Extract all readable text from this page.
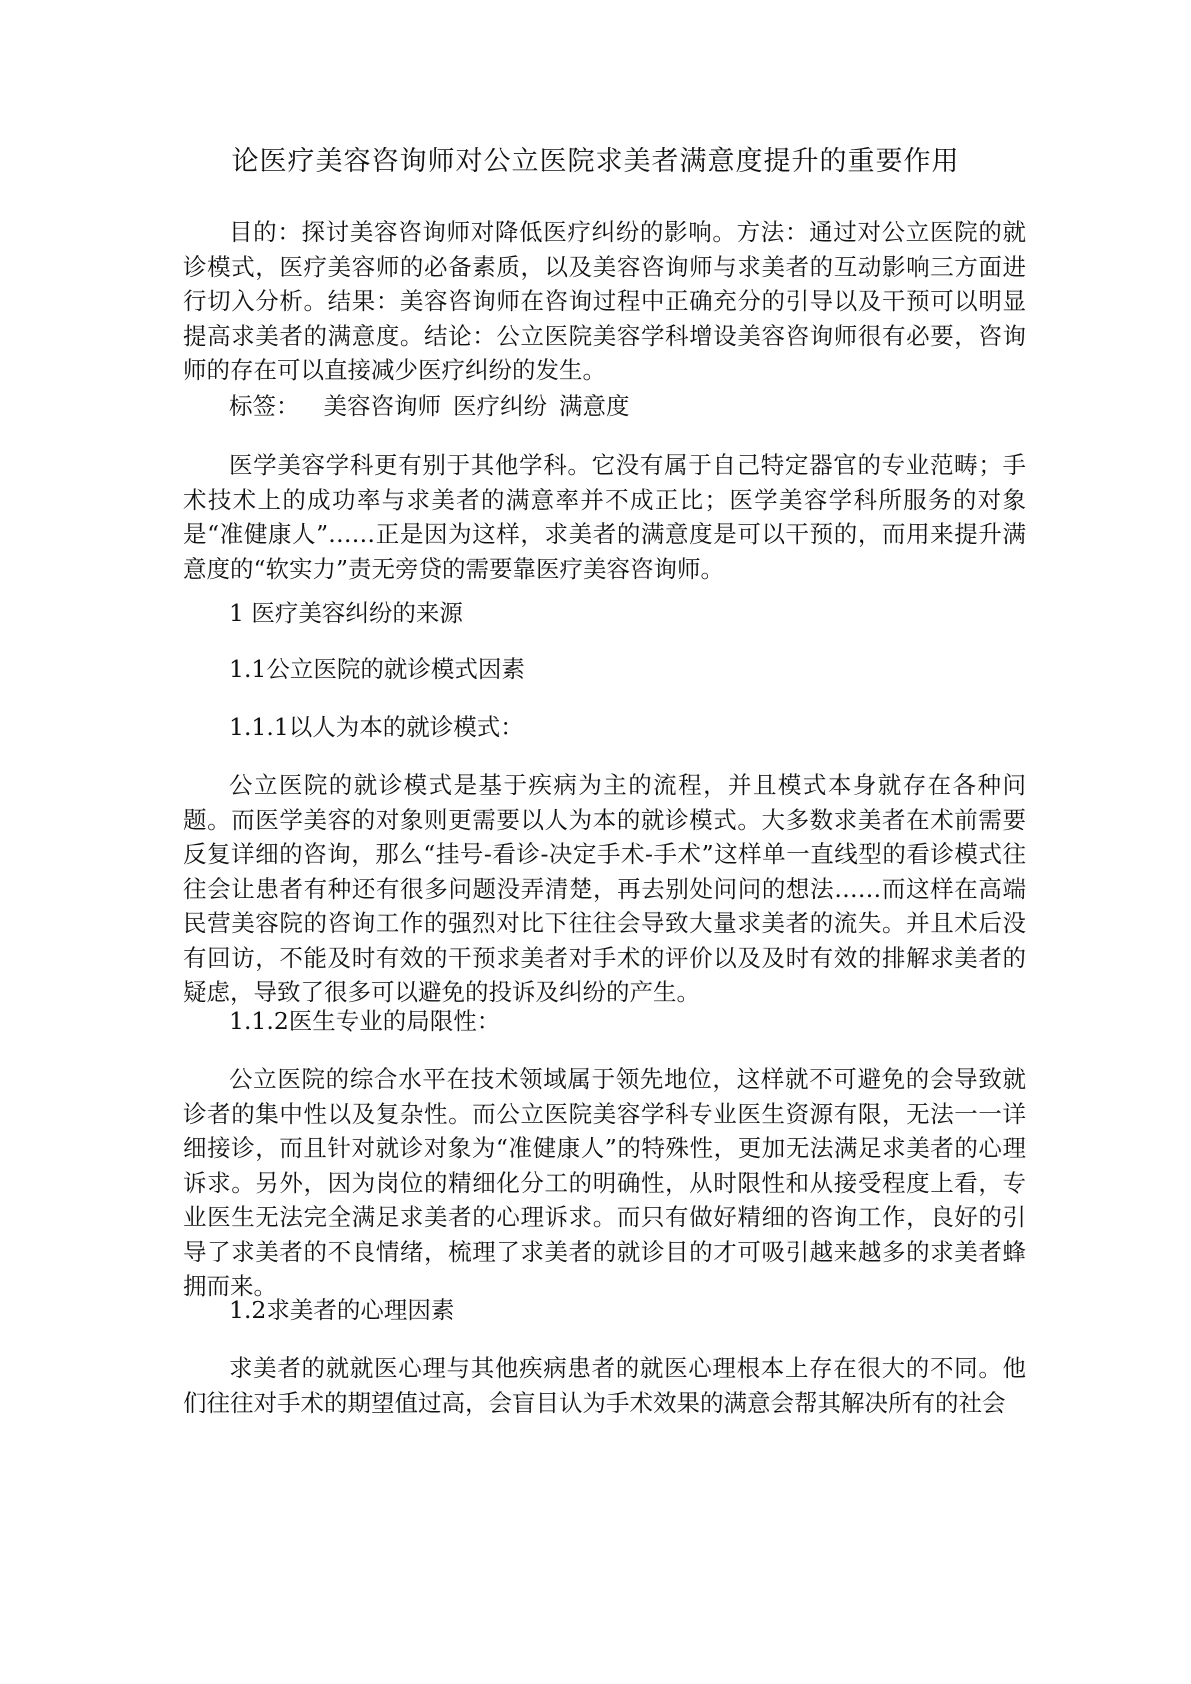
论医疗美容咨询师对公立医院求美者满意度提升的重要作用
目的：探讨美容咨询师对降低医疗纠纷的影响。方法：通过对公立医院的就诊模式，医疗美容师的必备素质，以及美容咨询师与求美者的互动影响三方面进行切入分析。结果：美容咨询师在咨询过程中正确充分的引导以及干预可以明显提高求美者的满意度。结论：公立医院美容学科增设美容咨询师很有必要，咨询师的存在可以直接减少医疗纠纷的发生。
标签： 美容咨询师 医疗纠纷 满意度
医学美容学科更有别于其他学科。它没有属于自己特定器官的专业范畴；手术技术上的成功率与求美者的满意率并不成正比；医学美容学科所服务的对象是“准健康人”……正是因为这样，求美者的满意度是可以干预的，而用来提升满意度的“软实力”责无旁贷的需要靠医疗美容咨询师。
1 医疗美容纠纷的来源
1.1公立医院的就诊模式因素
1.1.1以人为本的就诊模式：
公立医院的就诊模式是基于疾病为主的流程，并且模式本身就存在各种问题。而医学美容的对象则更需要以人为本的就诊模式。大多数求美者在术前需要反复详细的咨询，那么“挂号-看诊-决定手术-手术”这样单一直线型的看诊模式往往会让患者有种还有很多问题没弄清楚，再去别处问问的想法……而这样在高端民营美容院的咨询工作的强烈对比下往往会导致大量求美者的流失。并且术后没有回访，不能及时有效的干预求美者对手术的评价以及及时有效的排解求美者的疑虑，导致了很多可以避免的投诉及纠纷的产生。
1.1.2医生专业的局限性：
公立医院的综合水平在技术领域属于领先地位，这样就不可避免的会导致就诊者的集中性以及复杂性。而公立医院美容学科专业医生资源有限，无法一一详细接诊，而且针对就诊对象为“准健康人”的特殊性，更加无法满足求美者的心理诉求。另外，因为岗位的精细化分工的明确性，从时限性和从接受程度上看，专业医生无法完全满足求美者的心理诉求。而只有做好精细的咨询工作，良好的引导了求美者的不良情绪，梳理了求美者的就诊目的才可吸引越来越多的求美者蜂拥而来。
1.2求美者的心理因素
求美者的就就医心理与其他疾病患者的就医心理根本上存在很大的不同。他们往往对手术的期望值过高，会盲目认为手术效果的满意会帮其解决所有的社会
